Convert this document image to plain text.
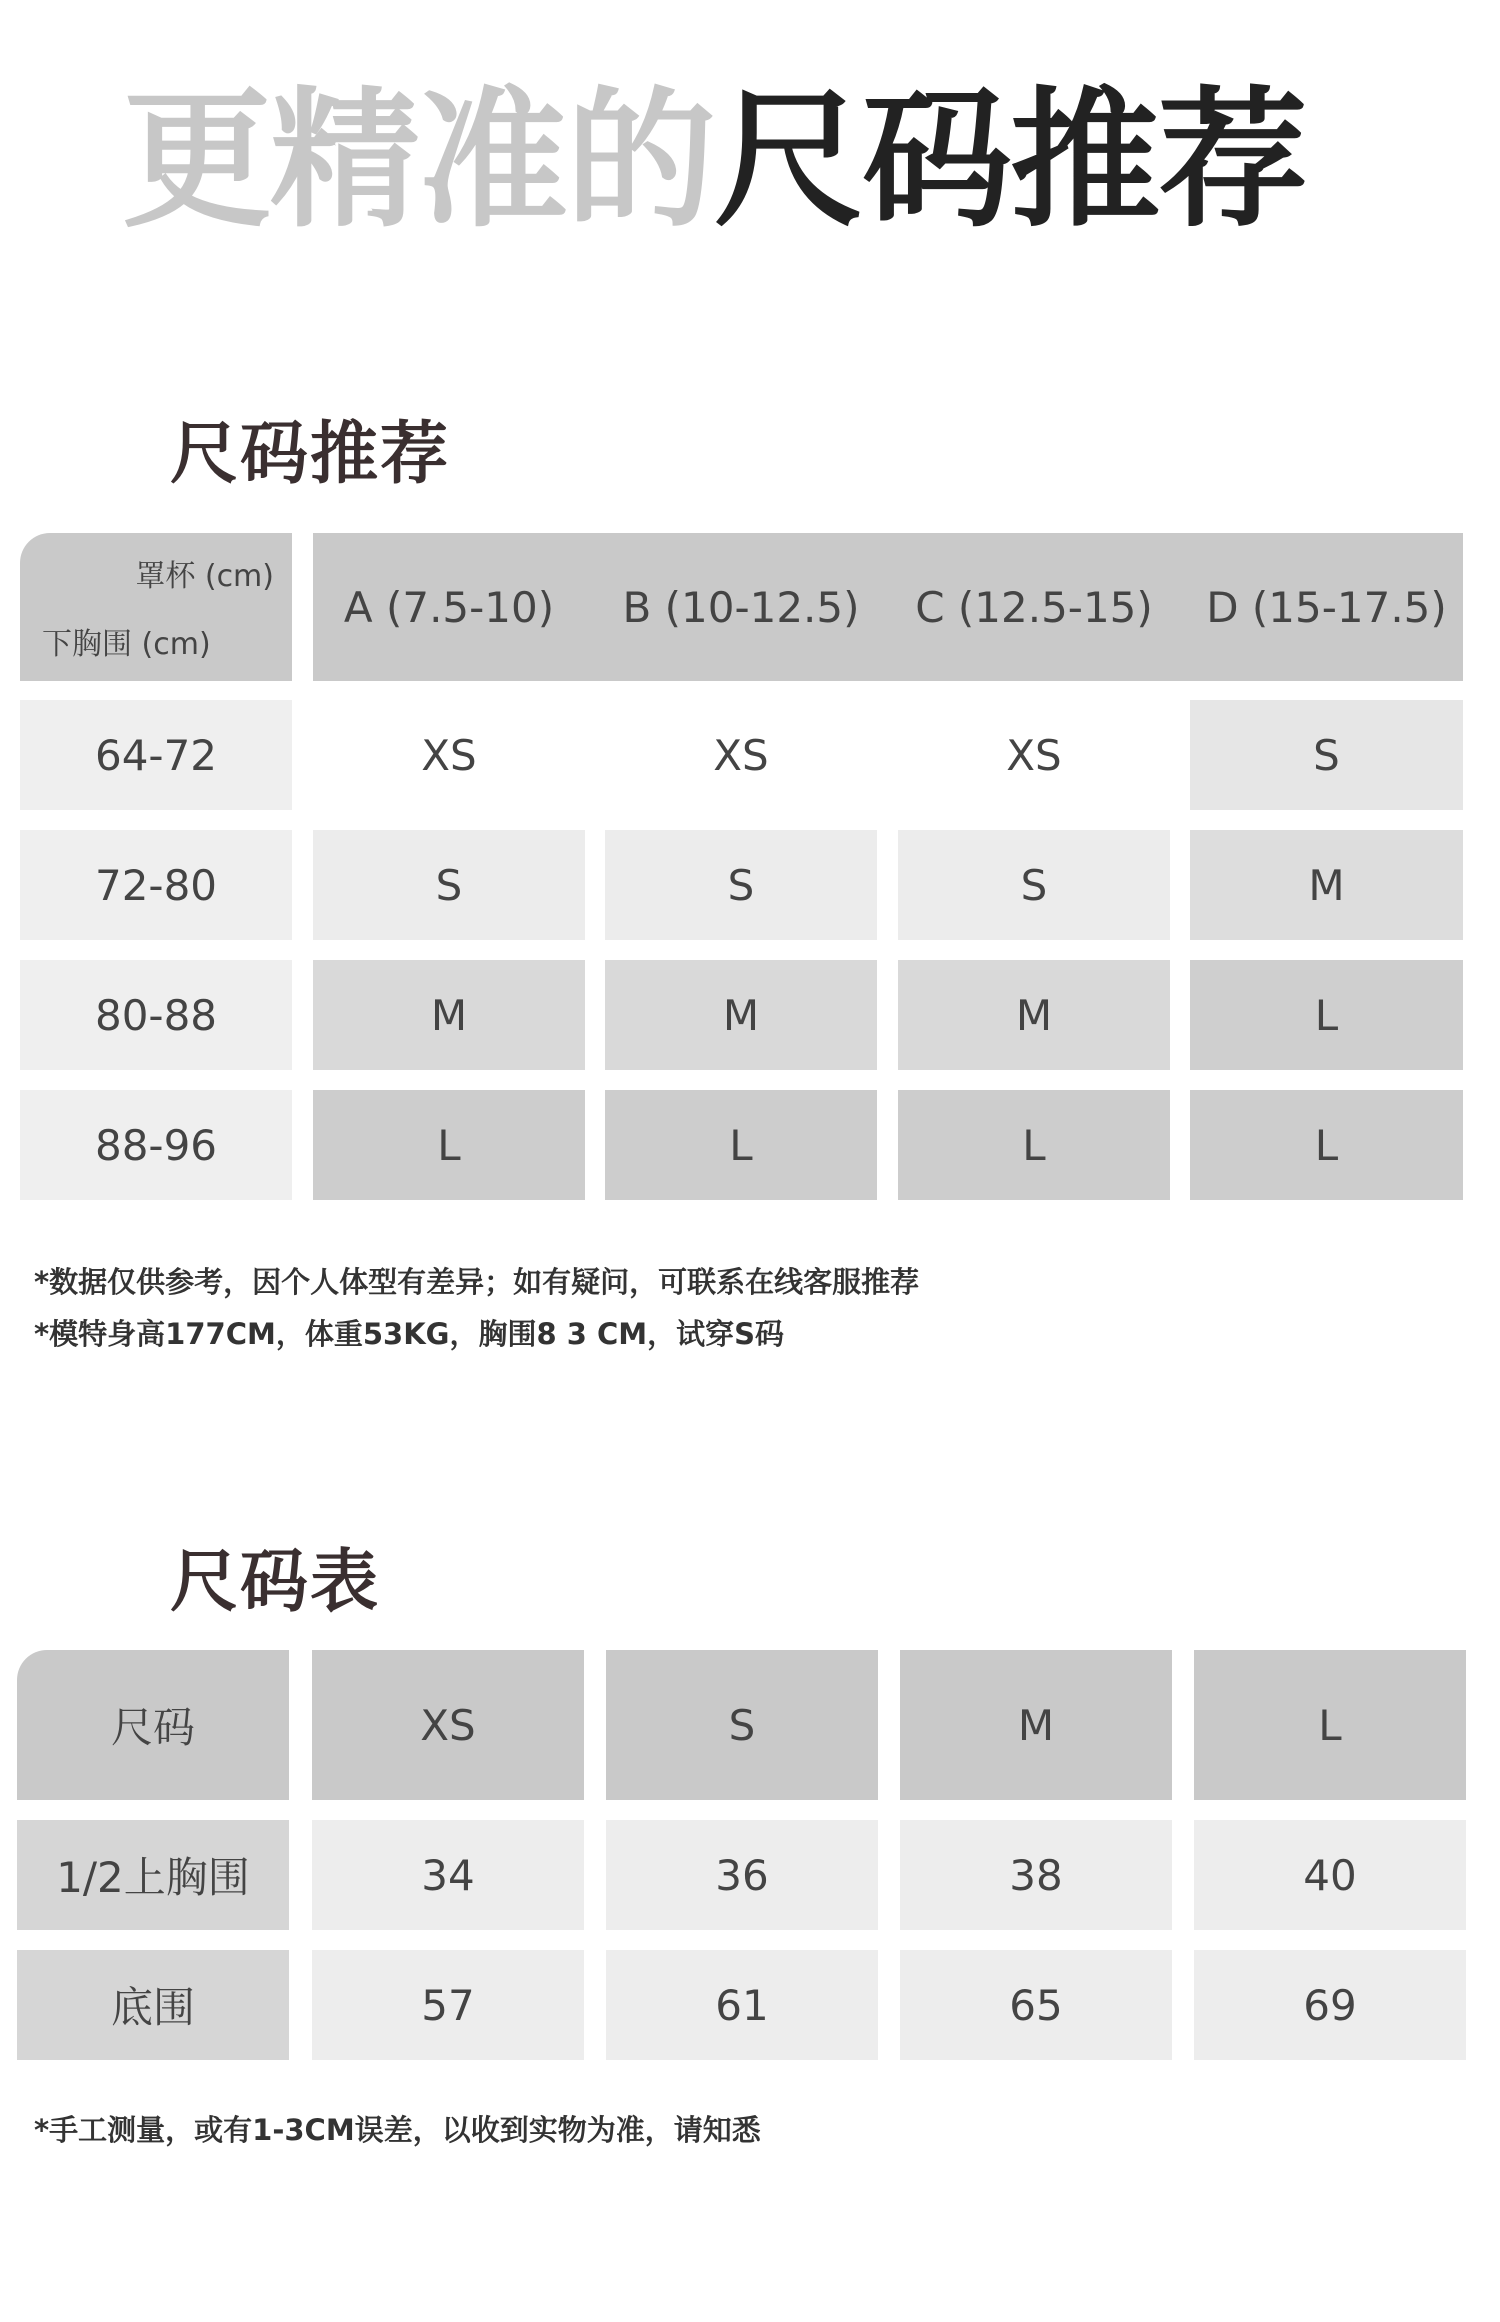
更精准的尺码推荐
尺码推荐
罩杯 (cm)
下胸围 (cm)
A (7.5-10)	B (10-12.5)	C (12.5-15)	D (15-17.5)
64-72	XS	XS	XS	S
72-80	S	S	S	M
80-88	M	M	M	L
88-96	L	L	L	L
*数据仅供参考，因个人体型有差异；如有疑问，可联系在线客服推荐
*模特身高177CM，体重53KG，胸围8 3 CM，试穿S码
尺码表
尺码	XS	S	M	L
1/2上胸围	34	36	38	40
底围	57	61	65	69
*手工测量，或有1-3CM误差，以收到实物为准，请知悉
